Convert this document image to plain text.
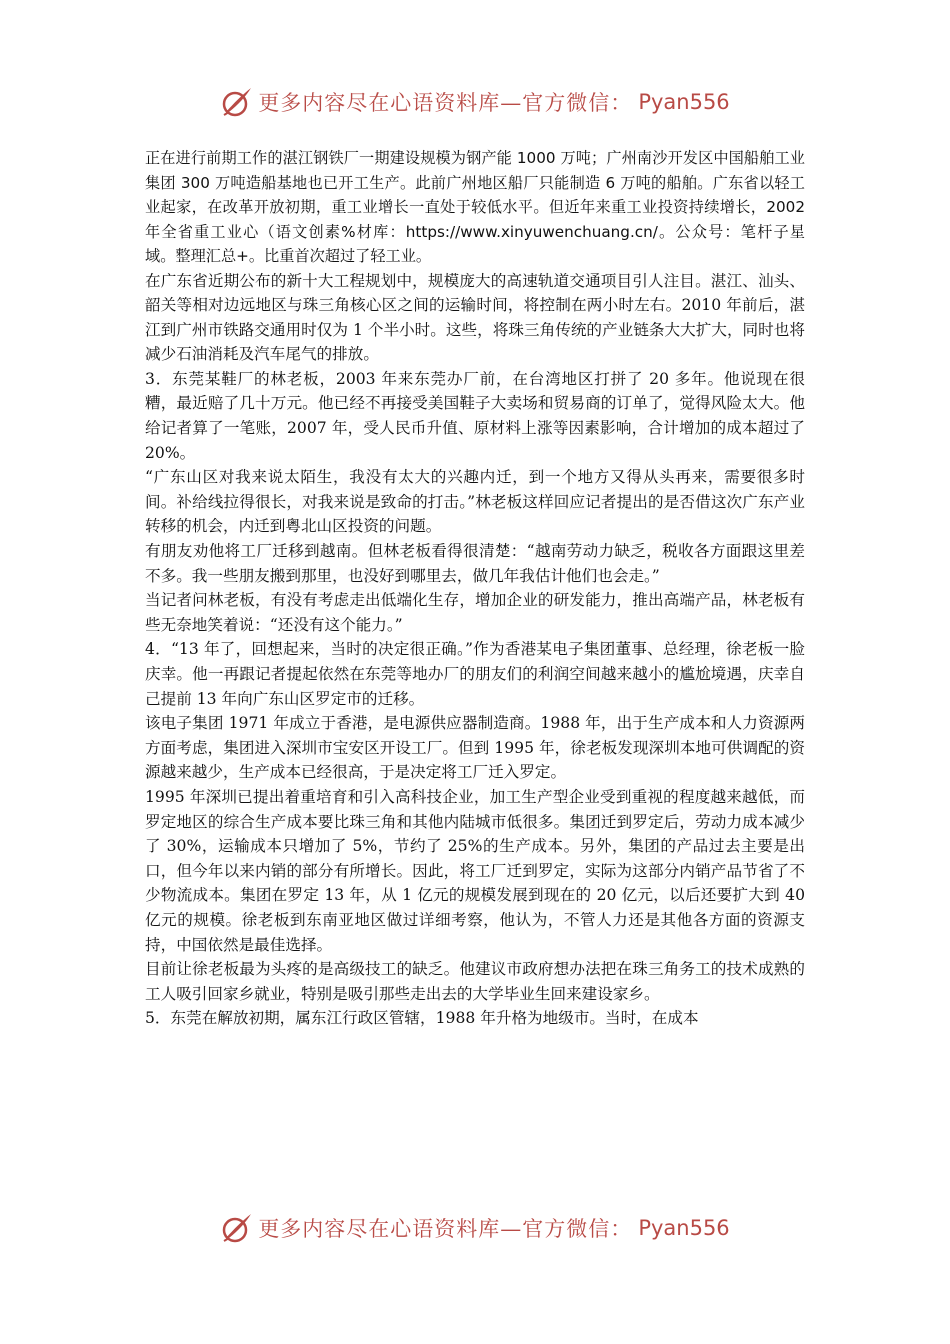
更多内容尽在心语资料库—官方微信： Pyan556

正在进行前期工作的湛江钢铁厂一期建设规模为钢产能 1000 万吨；广州南沙开发区中国船舶工业集团 300 万吨造船基地也已开工生产。此前广州地区船厂只能制造 6 万吨的船舶。广东省以轻工业起家，在改革开放初期，重工业增长一直处于较低水平。但近年来重工业投资持续增长，2002 年全省重工业心（语文创素%材库：https://www.xinyuwenchuang.cn/。公众号：笔杆子星域。整理汇总+。比重首次超过了轻工业。

在广东省近期公布的新十大工程规划中，规模庞大的高速轨道交通项目引人注目。湛江、汕头、韶关等相对边远地区与珠三角核心区之间的运输时间，将控制在两小时左右。2010 年前后，湛江到广州市铁路交通用时仅为 1 个半小时。这些，将珠三角传统的产业链条大大扩大，同时也将减少石油消耗及汽车尾气的排放。

3．东莞某鞋厂的林老板，2003 年来东莞办厂前，在台湾地区打拼了 20 多年。他说现在很糟，最近赔了几十万元。他已经不再接受美国鞋子大卖场和贸易商的订单了，觉得风险太大。他给记者算了一笔账，2007 年，受人民币升值、原材料上涨等因素影响，合计增加的成本超过了 20%。

“广东山区对我来说太陌生，我没有太大的兴趣内迁，到一个地方又得从头再来，需要很多时间。补给线拉得很长，对我来说是致命的打击。”林老板这样回应记者提出的是否借这次广东产业转移的机会，内迁到粤北山区投资的问题。

有朋友劝他将工厂迁移到越南。但林老板看得很清楚：“越南劳动力缺乏，税收各方面跟这里差不多。我一些朋友搬到那里，也没好到哪里去，做几年我估计他们也会走。”

当记者问林老板，有没有考虑走出低端化生存，增加企业的研发能力，推出高端产品，林老板有些无奈地笑着说：“还没有这个能力。”

4．“13 年了，回想起来，当时的决定很正确。”作为香港某电子集团董事、总经理，徐老板一脸庆幸。他一再跟记者提起依然在东莞等地办厂的朋友们的利润空间越来越小的尴尬境遇，庆幸自己提前 13 年向广东山区罗定市的迁移。

该电子集团 1971 年成立于香港，是电源供应器制造商。1988 年，出于生产成本和人力资源两方面考虑，集团进入深圳市宝安区开设工厂。但到 1995 年，徐老板发现深圳本地可供调配的资源越来越少，生产成本已经很高，于是决定将工厂迁入罗定。

1995 年深圳已提出着重培育和引入高科技企业，加工生产型企业受到重视的程度越来越低，而罗定地区的综合生产成本要比珠三角和其他内陆城市低很多。集团迁到罗定后，劳动力成本减少了 30%，运输成本只增加了 5%，节约了 25%的生产成本。另外，集团的产品过去主要是出口，但今年以来内销的部分有所增长。因此，将工厂迁到罗定，实际为这部分内销产品节省了不少物流成本。集团在罗定 13 年，从 1 亿元的规模发展到现在的 20 亿元，以后还要扩大到 40 亿元的规模。徐老板到东南亚地区做过详细考察，他认为，不管人力还是其他各方面的资源支持，中国依然是最佳选择。

目前让徐老板最为头疼的是高级技工的缺乏。他建议市政府想办法把在珠三角务工的技术成熟的工人吸引回家乡就业，特别是吸引那些走出去的大学毕业生回来建设家乡。

5．东莞在解放初期，属东江行政区管辖，1988 年升格为地级市。当时，在成本

更多内容尽在心语资料库—官方微信： Pyan556
